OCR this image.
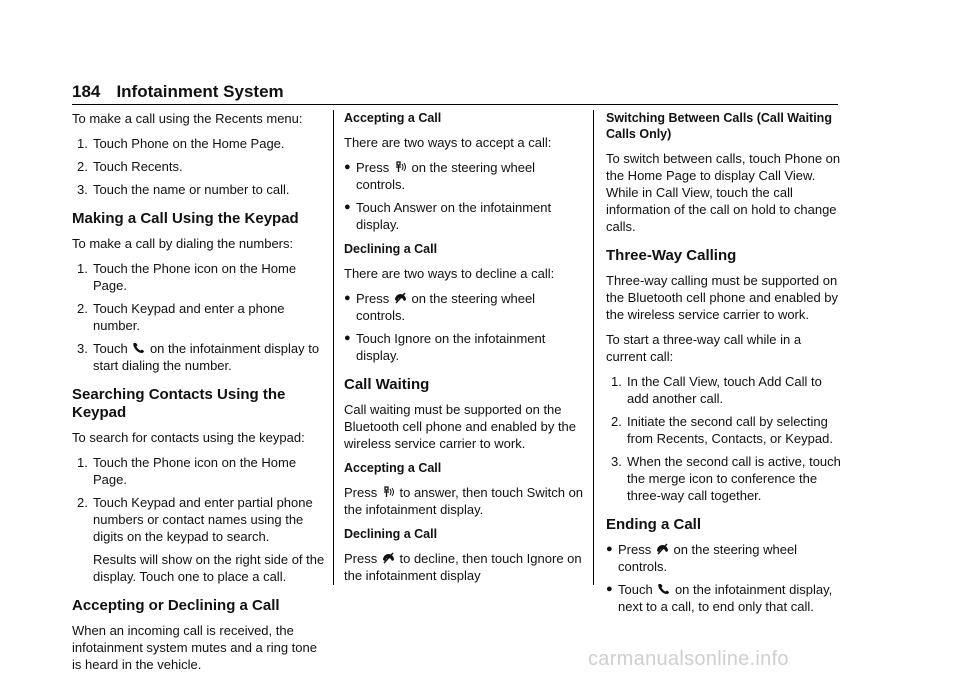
184 Infotainment System

To make a call using the Recents menu:

1. Touch Phone on the Home Page.
2. Touch Recents.
3. Touch the name or number to call.
Making a Call Using the Keypad

To make a call by dialing the numbers:

1. Touch the Phone icon on the Home Page.
2. Touch Keypad and enter a phone number.
3. Touch on the infotainment display to start dialing the number.
Searching Contacts Using the Keypad

To search for contacts using the keypad:

1. Touch the Phone icon on the Home Page.
2. Touch Keypad and enter partial phone numbers or contact names using the digits on the keypad to search.
Results will show on the right side of the display. Touch one to place a call.
Accepting or Declining a Call

When an incoming call is received, the infotainment system mutes and a ring tone is heard in the vehicle.

Accepting a Call

There are two ways to accept a call:

● Press on the steering wheel controls.
● Touch Answer on the infotainment display.
Declining a Call

There are two ways to decline a call:

● Press on the steering wheel controls.
● Touch Ignore on the infotainment display.
Call Waiting

Call waiting must be supported on the Bluetooth cell phone and enabled by the wireless service carrier to work.

Accepting a Call

Press to answer, then touch Switch on the infotainment display.

Declining a Call

Press to decline, then touch Ignore on the infotainment display

Switching Between Calls (Call Waiting Calls Only)

To switch between calls, touch Phone on the Home Page to display Call View. While in Call View, touch the call information of the call on hold to change calls.

Three-Way Calling

Three-way calling must be supported on the Bluetooth cell phone and enabled by the wireless service carrier to work.

To start a three-way call while in a current call:

1. In the Call View, touch Add Call to add another call.
2. Initiate the second call by selecting from Recents, Contacts, or Keypad.
3. When the second call is active, touch the merge icon to conference the three-way call together.
Ending a Call
● Press on the steering wheel controls.
● Touch on the infotainment display, next to a call, to end only that call.
carmanualsonline.info
